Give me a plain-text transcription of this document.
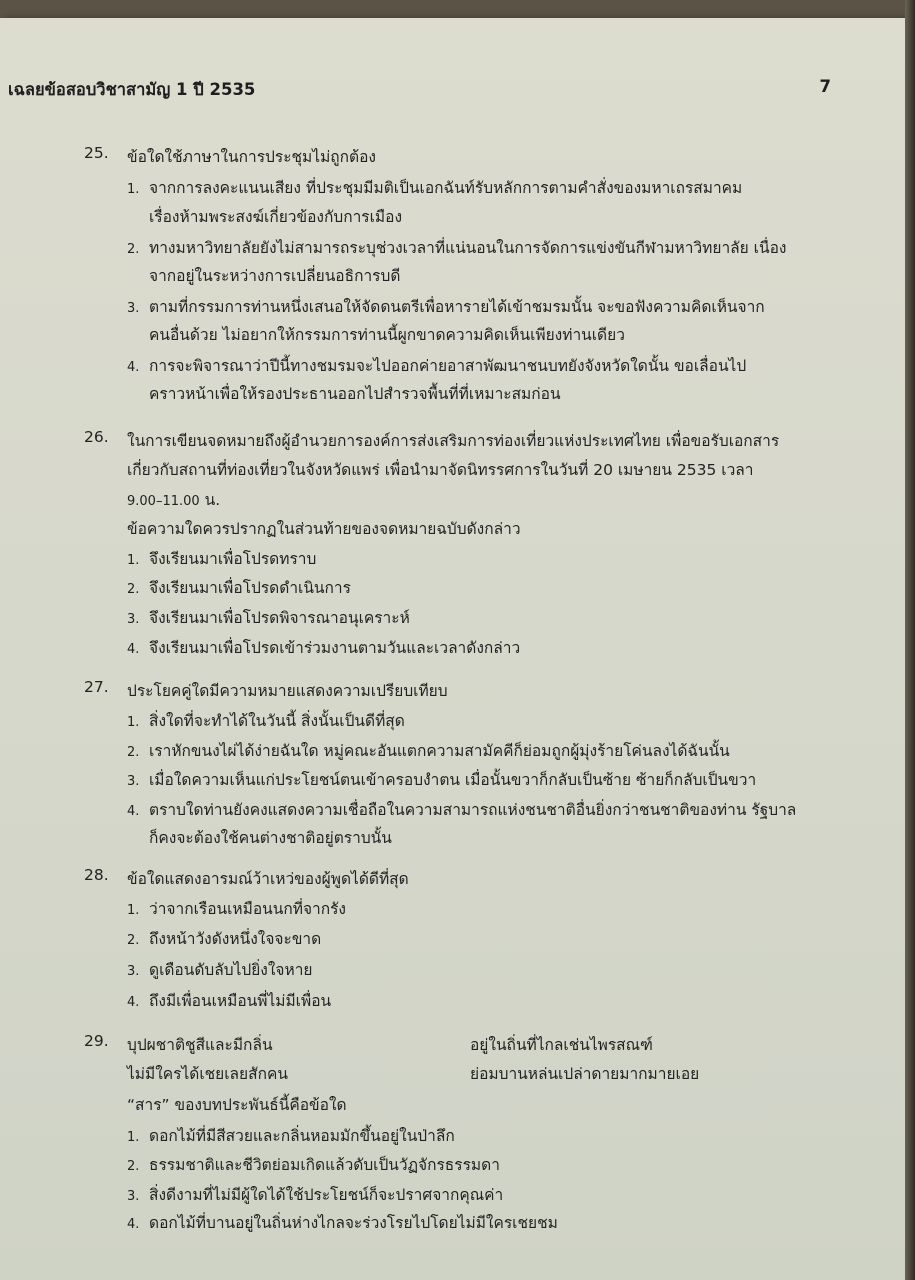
เฉลยข้อสอบวิชาสามัญ 1 ปี 2535	7
25. ข้อใดใช้ภาษาในการประชุมไม่ถูกต้อง
1. จากการลงคะแนนเสียง ที่ประชุมมีมติเป็นเอกฉันท์รับหลักการตามคำสั่งของมหาเถรสมาคม
เรื่องห้ามพระสงฆ์เกี่ยวข้องกับการเมือง
2. ทางมหาวิทยาลัยยังไม่สามารถระบุช่วงเวลาที่แน่นอนในการจัดการแข่งขันกีฬามหาวิทยาลัย เนื่อง
จากอยู่ในระหว่างการเปลี่ยนอธิการบดี
3. ตามที่กรรมการท่านหนึ่งเสนอให้จัดดนตรีเพื่อหารายได้เข้าชมรมนั้น จะขอฟังความคิดเห็นจาก
คนอื่นด้วย ไม่อยากให้กรรมการท่านนี้ผูกขาดความคิดเห็นเพียงท่านเดียว
4. การจะพิจารณาว่าปีนี้ทางชมรมจะไปออกค่ายอาสาพัฒนาชนบทยังจังหวัดใดนั้น ขอเลื่อนไป
คราวหน้าเพื่อให้รองประธานออกไปสำรวจพื้นที่ที่เหมาะสมก่อน
26. ในการเขียนจดหมายถึงผู้อำนวยการองค์การส่งเสริมการท่องเที่ยวแห่งประเทศไทย เพื่อขอรับเอกสาร
เกี่ยวกับสถานที่ท่องเที่ยวในจังหวัดแพร่ เพื่อนำมาจัดนิทรรศการในวันที่ 20 เมษายน 2535 เวลา
9.00–11.00 น.
ข้อความใดควรปรากฏในส่วนท้ายของจดหมายฉบับดังกล่าว
1. จึงเรียนมาเพื่อโปรดทราบ
2. จึงเรียนมาเพื่อโปรดดำเนินการ
3. จึงเรียนมาเพื่อโปรดพิจารณาอนุเคราะห์
4. จึงเรียนมาเพื่อโปรดเข้าร่วมงานตามวันและเวลาดังกล่าว
27. ประโยคคู่ใดมีความหมายแสดงความเปรียบเทียบ
1. สิ่งใดที่จะทำได้ในวันนี้ สิ่งนั้นเป็นดีที่สุด
2. เราหักขนงไผ่ได้ง่ายฉันใด หมู่คณะอันแตกความสามัคคีก็ย่อมถูกผู้มุ่งร้ายโค่นลงได้ฉันนั้น
3. เมื่อใดความเห็นแก่ประโยชน์ตนเข้าครอบงำตน เมื่อนั้นขวาก็กลับเป็นซ้าย ซ้ายก็กลับเป็นขวา
4. ตราบใดท่านยังคงแสดงความเชื่อถือในความสามารถแห่งชนชาติอื่นยิ่งกว่าชนชาติของท่าน รัฐบาล
ก็คงจะต้องใช้คนต่างชาติอยู่ตราบนั้น
28. ข้อใดแสดงอารมณ์ว้าเหว่ของผู้พูดได้ดีที่สุด
1. ว่าจากเรือนเหมือนนกที่จากรัง
2. ถึงหน้าวังดังหนึ่งใจจะขาด
3. ดูเดือนดับลับไปยิ่งใจหาย
4. ถึงมีเพื่อนเหมือนพี่ไม่มีเพื่อน
29. บุปผชาติชูสีและมีกลิ่น	อยู่ในถิ่นที่ไกลเช่นไพรสณฑ์
ไม่มีใครได้เชยเลยสักคน	ย่อมบานหล่นเปล่าดายมากมายเอย
“สาร” ของบทประพันธ์นี้คือข้อใด
1. ดอกไม้ที่มีสีสวยและกลิ่นหอมมักขึ้นอยู่ในป่าลึก
2. ธรรมชาติและชีวิตย่อมเกิดแล้วดับเป็นวัฏจักรธรรมดา
3. สิ่งดีงามที่ไม่มีผู้ใดได้ใช้ประโยชน์ก็จะปราศจากคุณค่า
4. ดอกไม้ที่บานอยู่ในถิ่นห่างไกลจะร่วงโรยไปโดยไม่มีใครเชยชม
